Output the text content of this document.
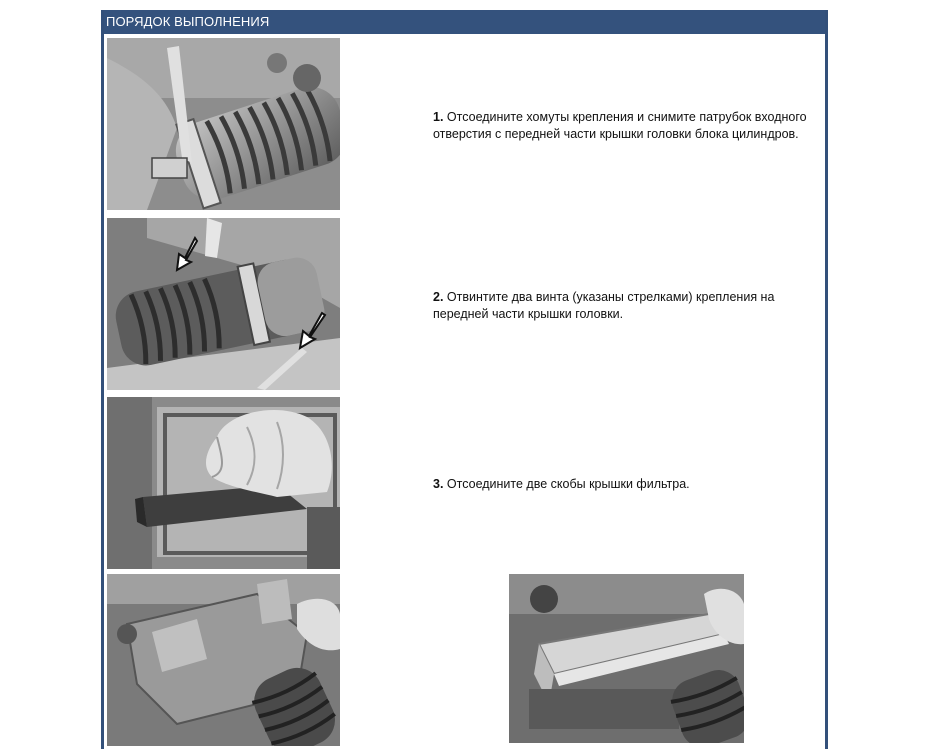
ПОРЯДОК ВЫПОЛНЕНИЯ
1. Отсоедините хомуты крепления и снимите патрубок входного отверстия с передней части крышки головки блока цилиндров.
2. Отвинтите два винта (указаны стрелками) крепления на передней части крышки головки.
3. Отсоедините две скобы крышки фильтра.
